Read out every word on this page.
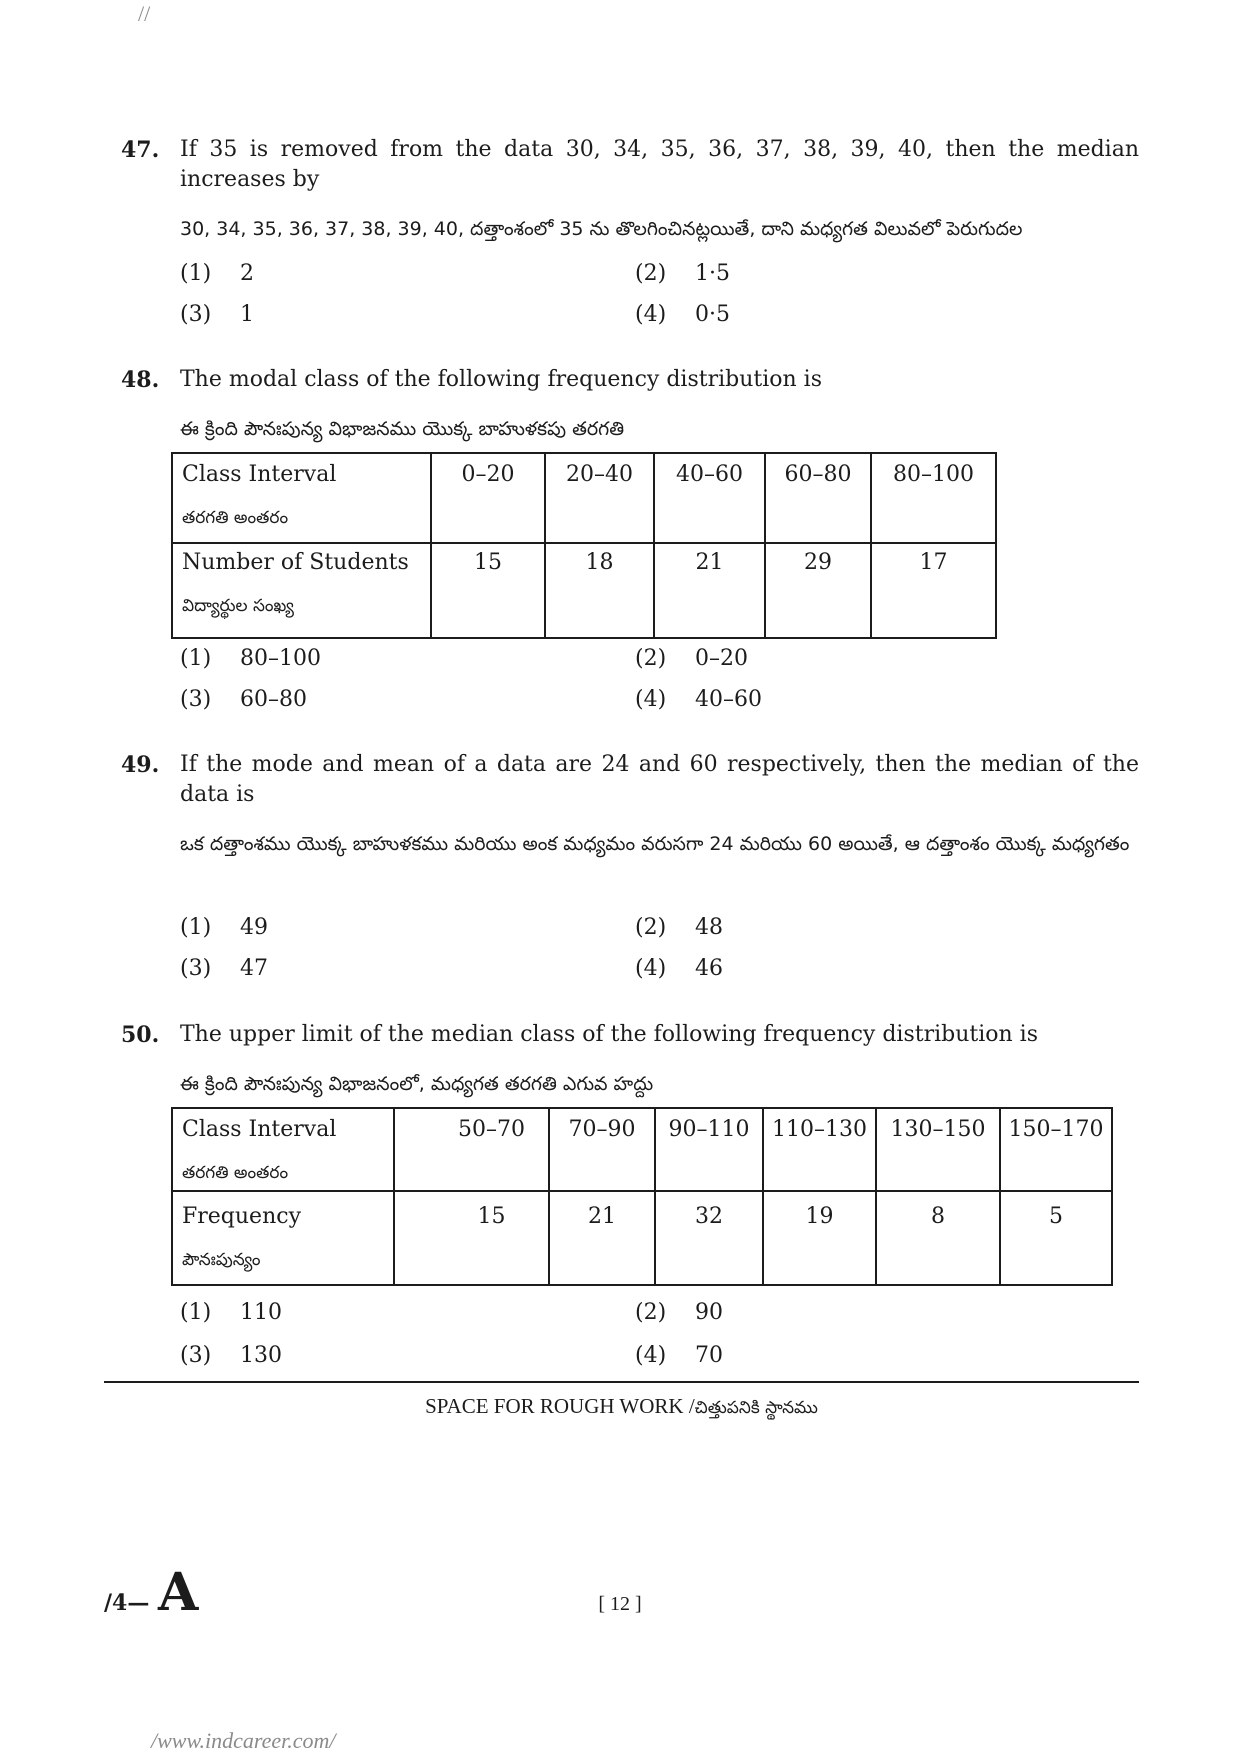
//
47. If 35 is removed from the data 30, 34, 35, 36, 37, 38, 39, 40, then the median increases by
30, 34, 35, 36, 37, 38, 39, 40, దత్తాంశంలో 35 ను తొలగించినట్లయితే, దాని మధ్యగత విలువలో పెరుగుదల
(1) 2	(2) 1·5
(3) 1	(4) 0·5
48. The modal class of the following frequency distribution is
ఈ క్రింది పౌనఃపున్య విభాజనము యొక్క బాహుళకపు తరగతి
Class Interval
తరగతి అంతరం	0–20	20–40	40–60	60–80	80–100

Number of Students
విద్యార్థుల సంఖ్య	15	18	21	29	17
(1) 80–100	(2) 0–20
(3) 60–80	(4) 40–60
49. If the mode and mean of a data are 24 and 60 respectively, then the median of the data is
ఒక దత్తాంశము యొక్క బాహుళకము మరియు అంక మధ్యమం వరుసగా 24 మరియు 60 అయితే, ఆ దత్తాంశం యొక్క మధ్యగతం
(1) 49	(2) 48
(3) 47	(4) 46
50. The upper limit of the median class of the following frequency distribution is
ఈ క్రింది పౌనఃపున్య విభాజనంలో, మధ్యగత తరగతి ఎగువ హద్దు
Class Interval
తరగతి అంతరం	50–70	70–90	90–110	110–130	130–150	150–170

Frequency
పౌనఃపున్యం	15	21	32	19	8	5
(1) 110	(2) 90
(3) 130	(4) 70
SPACE FOR ROUGH WORK /చిత్తుపనికి స్థానము
/4— A	[ 12 ]
/www.indcareer.com/
